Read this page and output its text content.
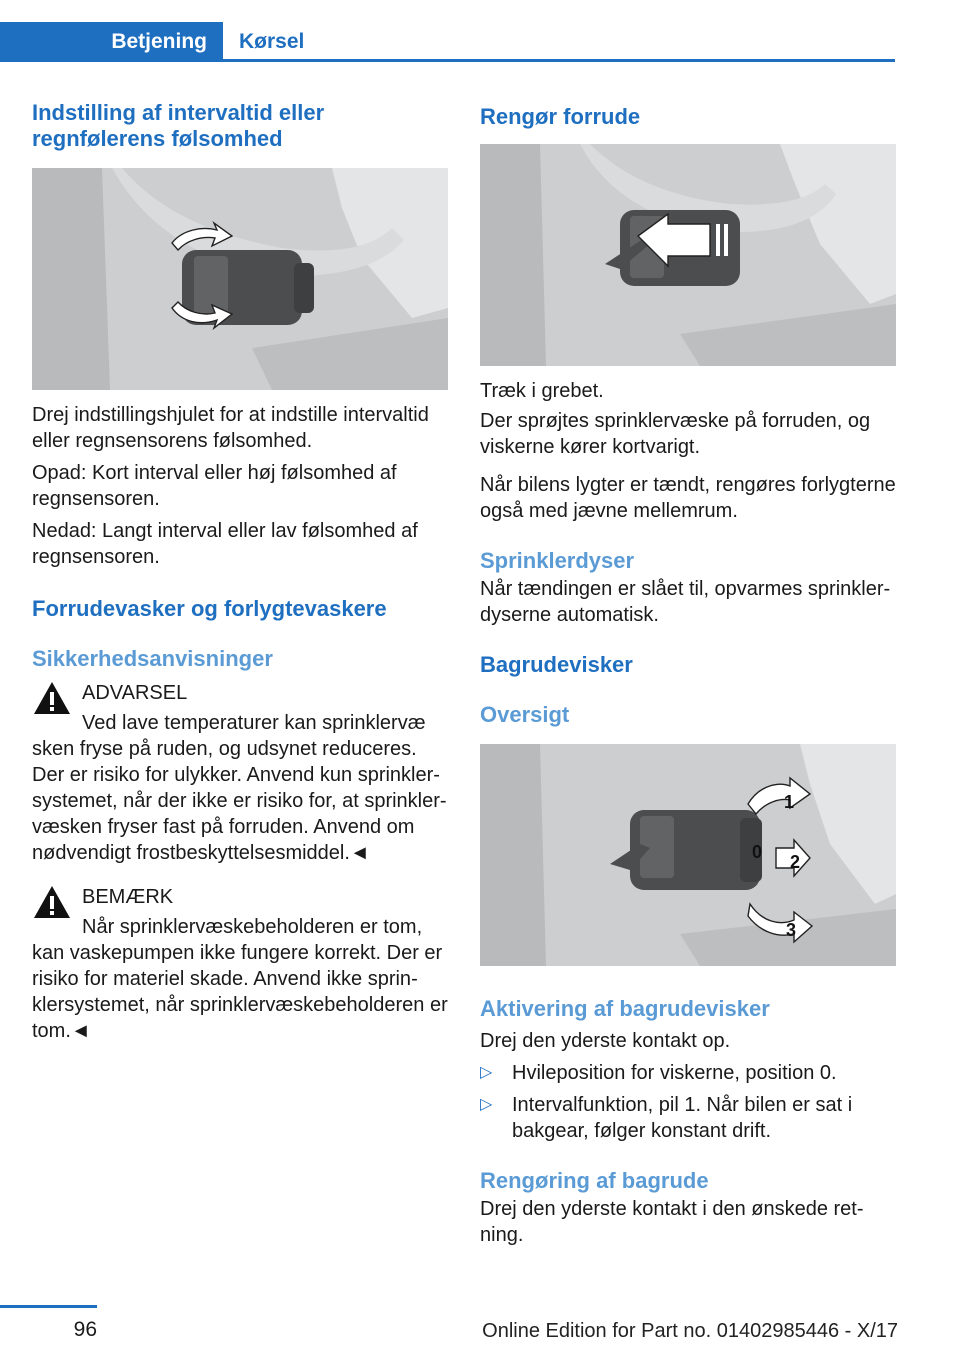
Betjening	Kørsel
Indstilling af intervaltid eller regnfølerens følsomhed

Drej indstillingshjulet for at indstille intervaltid eller regnsensorens følsomhed.

Opad: Kort interval eller høj følsomhed af regnsensoren.

Nedad: Langt interval eller lav følsomhed af regnsensoren.

Forrudevasker og forlygtevaskere
Sikkerhedsanvisninger

ADVARSEL

Ved lave temperaturer kan sprinklervæ

sken fryse på ruden, og udsynet reduceres. Der er risiko for ulykker. Anvend kun sprinklersystemet, når der ikke er risiko for, at sprinklervæsken fryser fast på forruden. Anvend om nødvendigt frostbeskyttelsesmiddel.◄

BEMÆRK

Når sprinklervæskebeholderen er tom,

kan vaskepumpen ikke fungere korrekt. Der er risiko for materiel skade. Anvend ikke sprinklersystemet, når sprinklervæskebeholderen er tom.◄

Rengør forrude

Træk i grebet.

Der sprøjtes sprinklervæske på forruden, og viskerne kører kortvarigt.

Når bilens lygter er tændt, rengøres forlygterne også med jævne mellemrum.

Sprinklerdyser

Når tændingen er slået til, opvarmes sprinklerdyserne automatisk.

Bagrudevisker
Oversigt
1
0 2
3
Aktivering af bagrudevisker

Drej den yderste kontakt op.

▷ Hvileposition for viskerne, position 0.
▷ Intervalfunktion, pil 1. Når bilen er sat i bakgear, følger konstant drift.
Rengøring af bagrude

Drej den yderste kontakt i den ønskede retning.

96	Online Edition for Part no. 01402985446 - X/17
